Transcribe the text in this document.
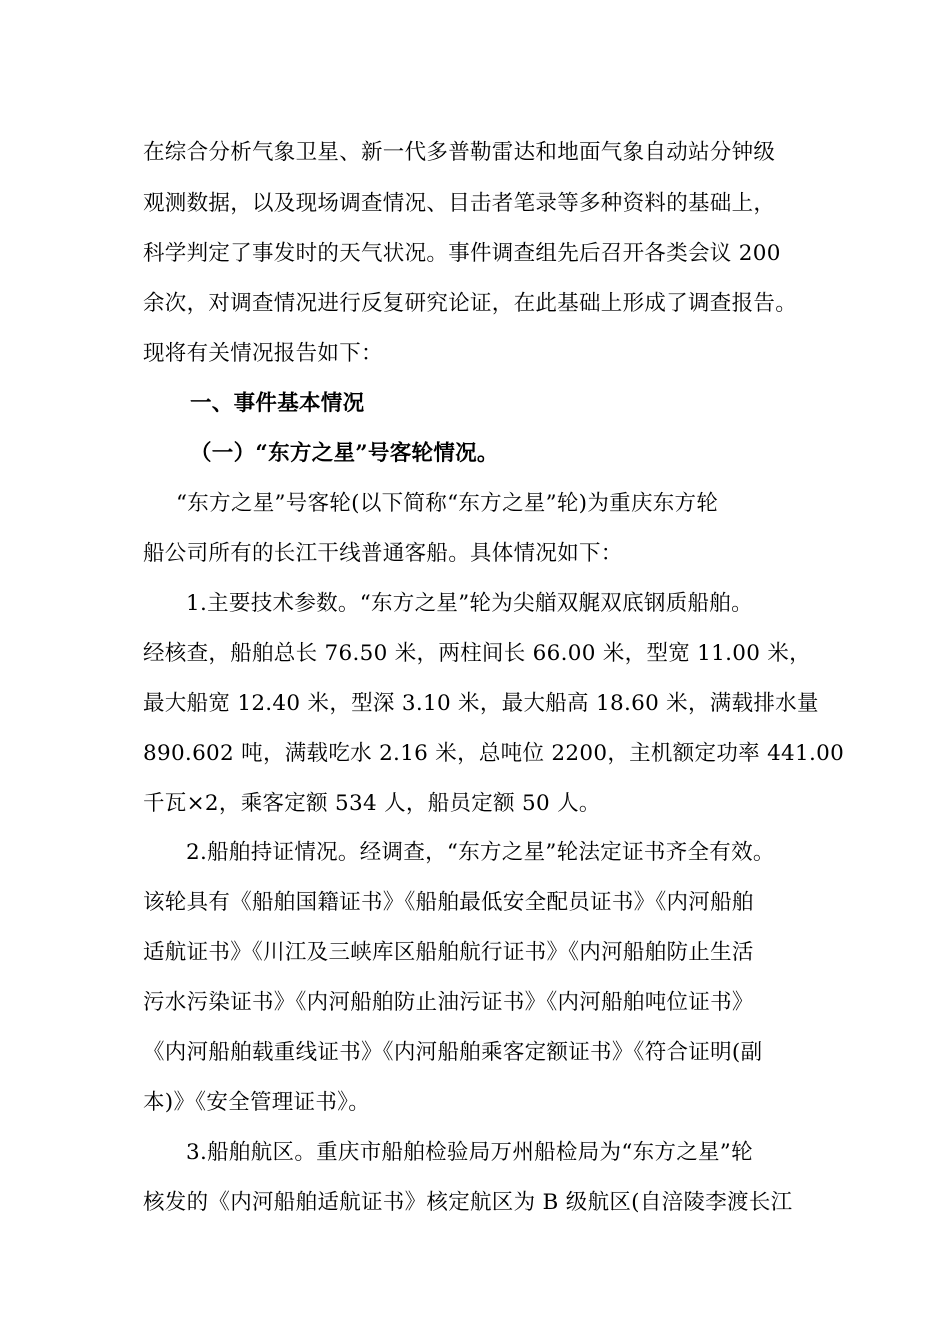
在综合分析气象卫星、新一代多普勒雷达和地面气象自动站分钟级
观测数据，以及现场调查情况、目击者笔录等多种资料的基础上，
科学判定了事发时的天气状况。事件调查组先后召开各类会议 200
余次，对调查情况进行反复研究论证，在此基础上形成了调查报告。
现将有关情况报告如下：
一、事件基本情况
（一）“东方之星”号客轮情况。
“东方之星”号客轮(以下简称“东方之星”轮)为重庆东方轮
船公司所有的长江干线普通客船。具体情况如下：
1.主要技术参数。“东方之星”轮为尖艏双艉双底钢质船舶。
经核查，船舶总长 76.50 米，两柱间长 66.00 米，型宽 11.00 米，
最大船宽 12.40 米，型深 3.10 米，最大船高 18.60 米，满载排水量
890.602 吨，满载吃水 2.16 米，总吨位 2200，主机额定功率 441.00
千瓦×2，乘客定额 534 人，船员定额 50 人。
2.船舶持证情况。经调查，“东方之星”轮法定证书齐全有效。
该轮具有《船舶国籍证书》《船舶最低安全配员证书》《内河船舶
适航证书》《川江及三峡库区船舶航行证书》《内河船舶防止生活
污水污染证书》《内河船舶防止油污证书》《内河船舶吨位证书》
《内河船舶载重线证书》《内河船舶乘客定额证书》《符合证明(副
本)》《安全管理证书》。
3.船舶航区。重庆市船舶检验局万州船检局为“东方之星”轮
核发的《内河船舶适航证书》核定航区为 B 级航区(自涪陵李渡长江
